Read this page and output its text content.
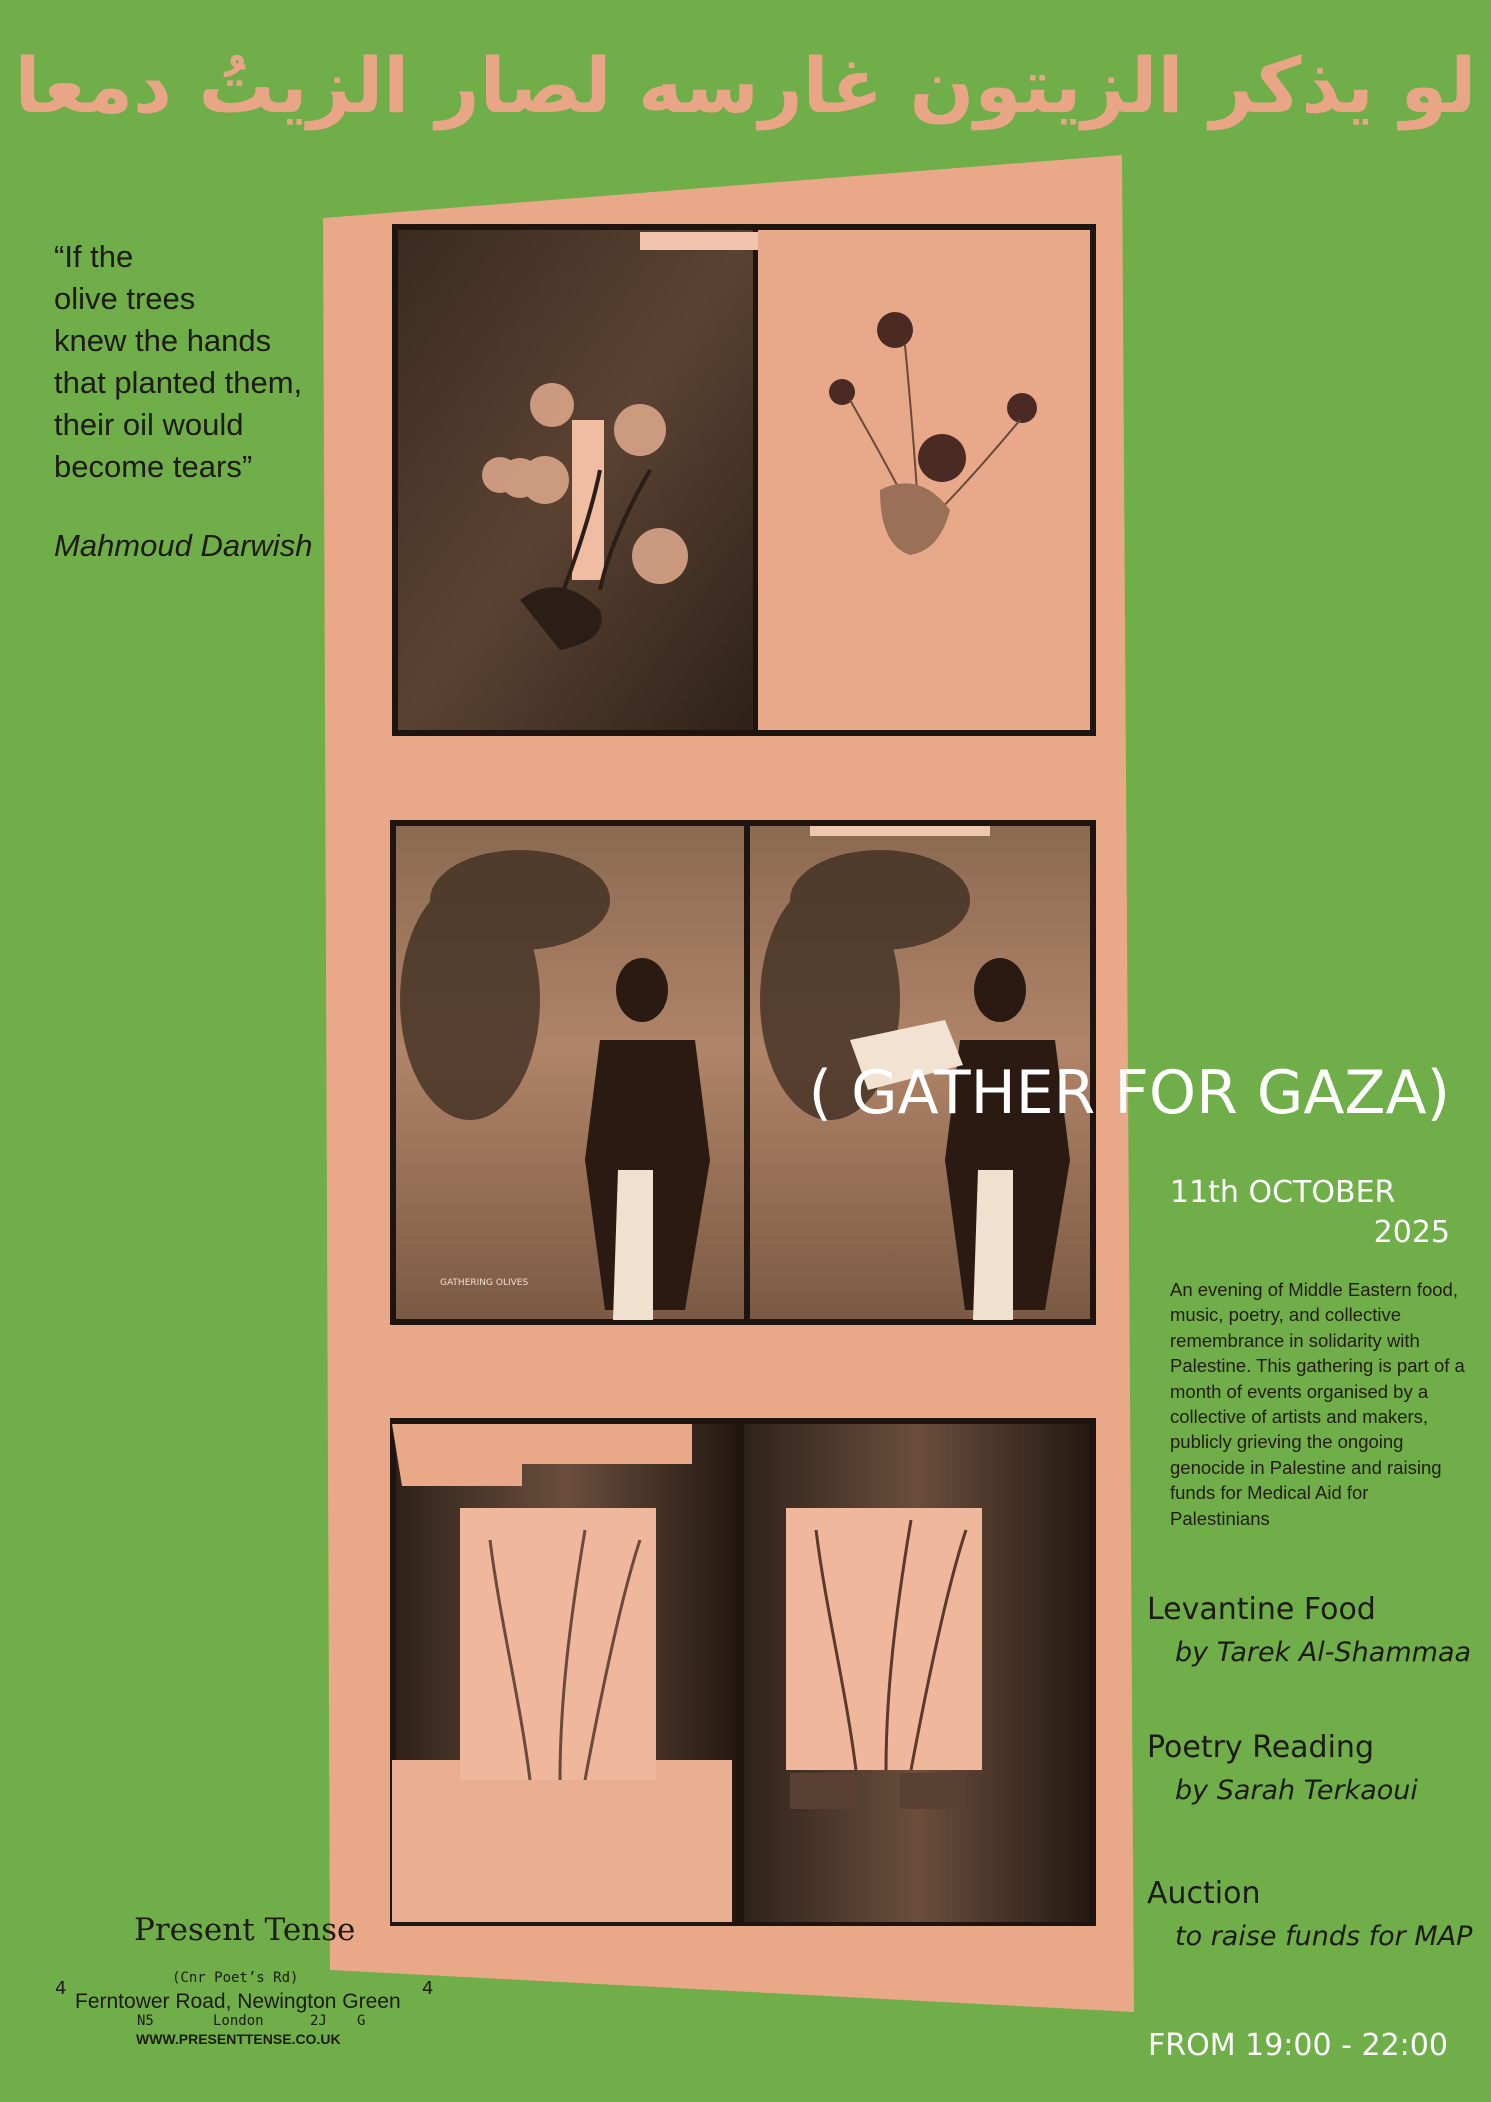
لو يذكر الزيتون غارسه لصار الزيتُ دمعا
GATHERING OLIVES
“If the
olive trees
knew the hands
that planted them,
their oil would
become tears”
Mahmoud Darwish
( GATHER FOR GAZA)
11th OCTOBER
2025
An evening of Middle Eastern food, music, poetry, and collective remembrance in solidarity with Palestine. This gathering is part of a month of events organised by a collective of artists and makers, publicly grieving the ongoing genocide in Palestine and raising funds for Medical Aid for Palestinians
Levantine Food
by Tarek Al-Shammaa
Poetry Reading
by Sarah Terkaoui
Auction
to raise funds for MAP
FROM 19:00 - 22:00
Present Tense
(Cnr Poet’s Rd)
4
Ferntower Road, Newington Green
4
N5	London	2J G
WWW.PRESENTTENSE.CO.UK
